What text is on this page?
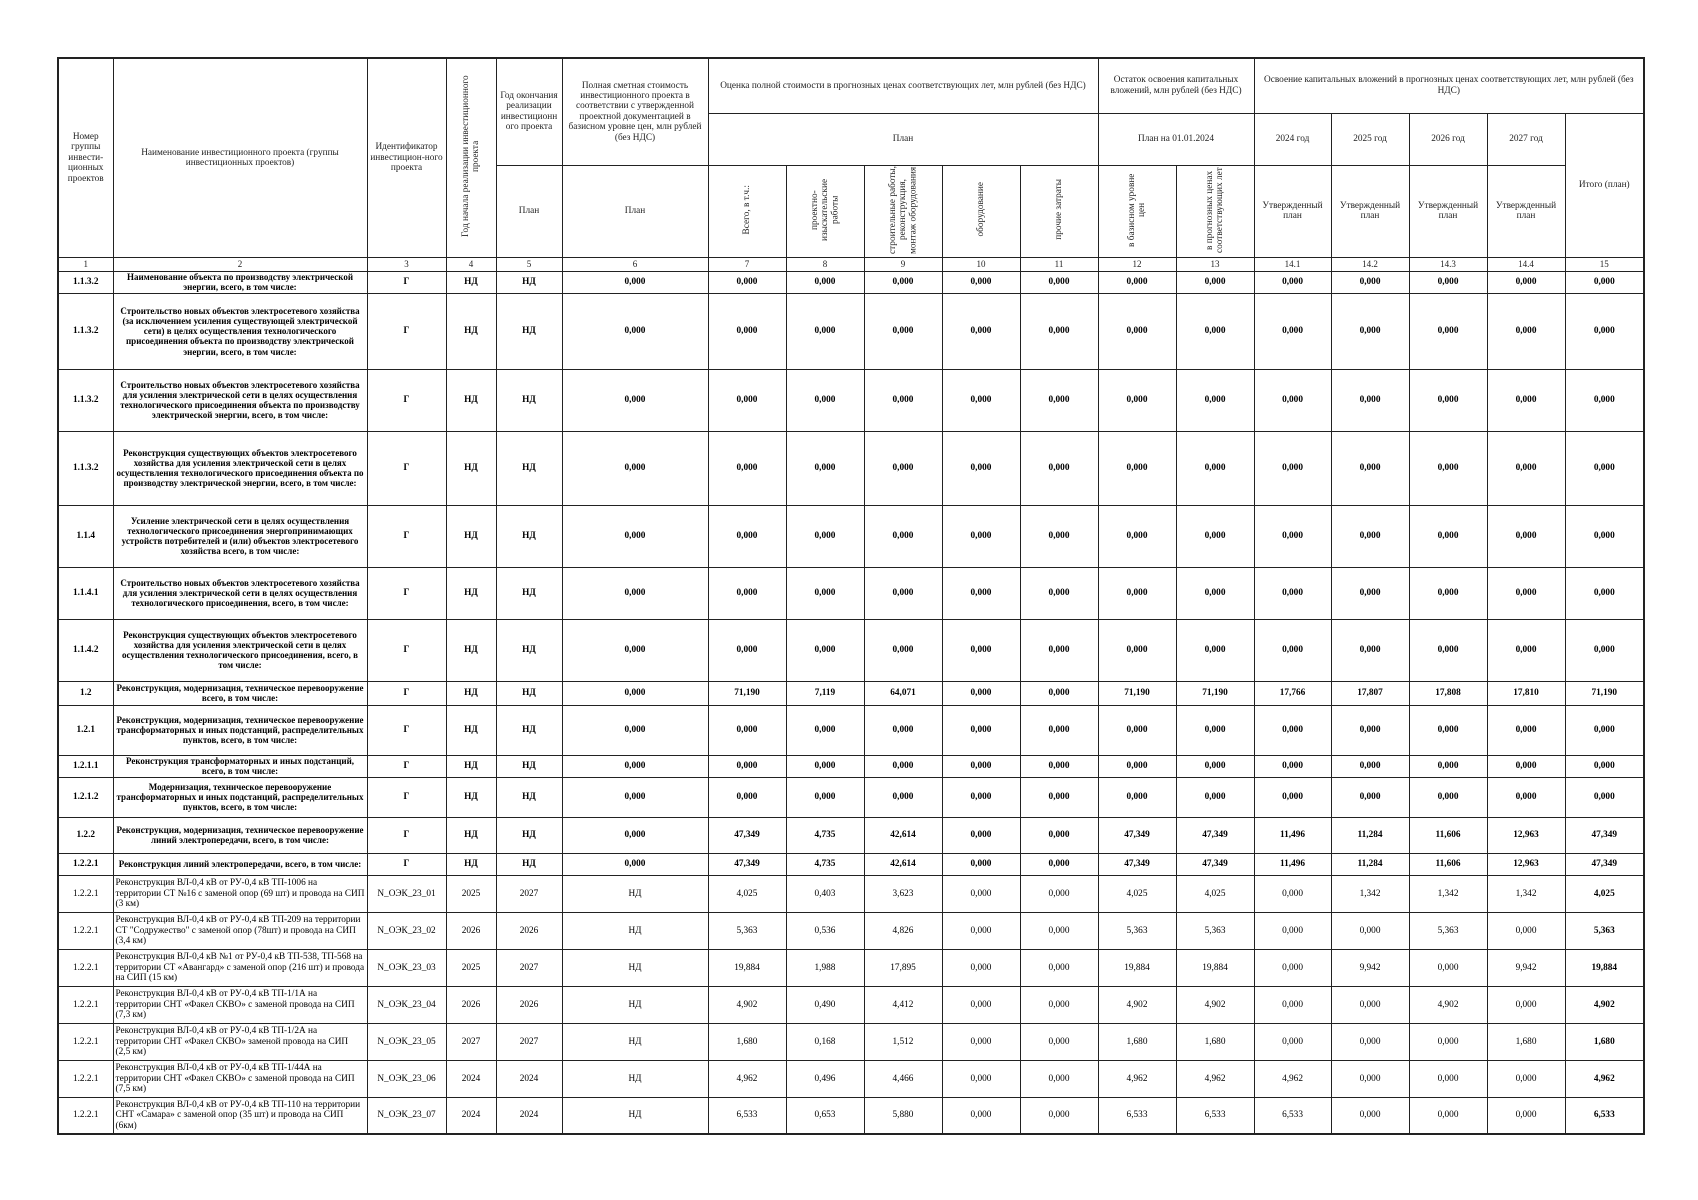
Номер группы инвести-ционных проектов	Наименование инвестиционного проекта (группы инвестиционных проектов)	Идентификатор инвестицион-ного проекта	Год начала реализации инвестиционного проекта	Год окончания реализации инвестиционн ого проекта	Полная сметная стоимость инвестиционного проекта в соответствии с утвержденной проектной документацией в базисном уровне цен, млн рублей (без НДС)	Оценка полной стоимости в прогнозных ценах соответствующих лет, млн рублей (без НДС)					Остаток освоения капитальных вложений, млн рублей (без НДС)		Освоение капитальных вложений в прогнозных ценах соответствующих лет, млн рублей (без НДС)				
						План					План на 01.01.2024		2024 год	2025 год	2026 год	2027 год	Итого (план)
				План	План	Всего, в т.ч.:	проектно-изыскательские работы	строительные работы, реконструкция, монтаж оборудования	оборудование	прочие затраты	в базисном уровне цен	в прогнозных ценах соответствующих лет	Утвержденный план	Утвержденный план	Утвержденный план	Утвержденный план	
1	2	3	4	5	6	7	8	9	10	11	12	13	14.1	14.2	14.3	14.4	15
1.1.3.2	Наименование объекта по производству электрической энергии, всего, в том числе:	Г	НД	НД	0,000	0,000	0,000	0,000	0,000	0,000	0,000	0,000	0,000	0,000	0,000	0,000	0,000
1.1.3.2	Строительство новых объектов электросетевого хозяйства (за исключением усиления существующей электрической сети) в целях осуществления технологического присоединения объекта по производству электрической энергии, всего, в том числе:	Г	НД	НД	0,000	0,000	0,000	0,000	0,000	0,000	0,000	0,000	0,000	0,000	0,000	0,000	0,000
1.1.3.2	Строительство новых объектов электросетевого хозяйства для усиления электрической сети в целях осуществления технологического присоединения объекта по производству электрической энергии, всего, в том числе:	Г	НД	НД	0,000	0,000	0,000	0,000	0,000	0,000	0,000	0,000	0,000	0,000	0,000	0,000	0,000
1.1.3.2	Реконструкция существующих объектов электросетевого хозяйства для усиления электрической сети в целях осуществления технологического присоединения объекта по производству электрической энергии, всего, в том числе:	Г	НД	НД	0,000	0,000	0,000	0,000	0,000	0,000	0,000	0,000	0,000	0,000	0,000	0,000	0,000
1.1.4	Усиление электрической сети в целях осуществления технологического присоединения энергопринимающих устройств потребителей и (или) объектов электросетевого хозяйства всего, в том числе:	Г	НД	НД	0,000	0,000	0,000	0,000	0,000	0,000	0,000	0,000	0,000	0,000	0,000	0,000	0,000
1.1.4.1	Строительство новых объектов электросетевого хозяйства для усиления электрической сети в целях осуществления технологического присоединения, всего, в том числе:	Г	НД	НД	0,000	0,000	0,000	0,000	0,000	0,000	0,000	0,000	0,000	0,000	0,000	0,000	0,000
1.1.4.2	Реконструкция существующих объектов электросетевого хозяйства для усиления электрической сети в целях осуществления технологического присоединения, всего, в том числе:	Г	НД	НД	0,000	0,000	0,000	0,000	0,000	0,000	0,000	0,000	0,000	0,000	0,000	0,000	0,000
1.2	Реконструкция, модернизация, техническое перевооружение всего, в том числе:	Г	НД	НД	0,000	71,190	7,119	64,071	0,000	0,000	71,190	71,190	17,766	17,807	17,808	17,810	71,190
1.2.1	Реконструкция, модернизация, техническое перевооружение трансформаторных и иных подстанций, распределительных пунктов, всего, в том числе:	Г	НД	НД	0,000	0,000	0,000	0,000	0,000	0,000	0,000	0,000	0,000	0,000	0,000	0,000	0,000
1.2.1.1	Реконструкция трансформаторных и иных подстанций, всего, в том числе:	Г	НД	НД	0,000	0,000	0,000	0,000	0,000	0,000	0,000	0,000	0,000	0,000	0,000	0,000	0,000
1.2.1.2	Модернизация, техническое перевооружение трансформаторных и иных подстанций, распределительных пунктов, всего, в том числе:	Г	НД	НД	0,000	0,000	0,000	0,000	0,000	0,000	0,000	0,000	0,000	0,000	0,000	0,000	0,000
1.2.2	Реконструкция, модернизация, техническое перевооружение линий электропередачи, всего, в том числе:	Г	НД	НД	0,000	47,349	4,735	42,614	0,000	0,000	47,349	47,349	11,496	11,284	11,606	12,963	47,349
1.2.2.1	Реконструкция линий электропередачи, всего, в том числе:	Г	НД	НД	0,000	47,349	4,735	42,614	0,000	0,000	47,349	47,349	11,496	11,284	11,606	12,963	47,349
1.2.2.1	Реконструкция ВЛ-0,4 кВ от РУ-0,4 кВ ТП-1006 на территории СТ №16 с заменой опор (69 шт) и провода на СИП (3 км)	N_ОЭК_23_01	2025	2027	НД	4,025	0,403	3,623	0,000	0,000	4,025	4,025	0,000	1,342	1,342	1,342	4,025
1.2.2.1	Реконструкция ВЛ-0,4 кВ от РУ-0,4 кВ ТП-209 на территории СТ "Содружество" с заменой опор (78шт) и провода на СИП (3,4 км)	N_ОЭК_23_02	2026	2026	НД	5,363	0,536	4,826	0,000	0,000	5,363	5,363	0,000	0,000	5,363	0,000	5,363
1.2.2.1	Реконструкция ВЛ-0,4 кВ №1 от РУ-0,4 кВ ТП-538, ТП-568 на территории СТ «Авангард» с заменой опор (216 шт) и провода на СИП (15 км)	N_ОЭК_23_03	2025	2027	НД	19,884	1,988	17,895	0,000	0,000	19,884	19,884	0,000	9,942	0,000	9,942	19,884
1.2.2.1	Реконструкция ВЛ-0,4 кВ от РУ-0,4 кВ ТП-1/1А на территории СНТ «Факел СКВО» с заменой провода на СИП (7,3 км)	N_ОЭК_23_04	2026	2026	НД	4,902	0,490	4,412	0,000	0,000	4,902	4,902	0,000	0,000	4,902	0,000	4,902
1.2.2.1	Реконструкция ВЛ-0,4 кВ от РУ-0,4 кВ ТП-1/2А на территории СНТ «Факел СКВО» заменой провода на СИП (2,5 км)	N_ОЭК_23_05	2027	2027	НД	1,680	0,168	1,512	0,000	0,000	1,680	1,680	0,000	0,000	0,000	1,680	1,680
1.2.2.1	Реконструкция ВЛ-0,4 кВ от РУ-0,4 кВ ТП-1/44А на территории СНТ «Факел СКВО» с заменой провода на СИП (7,5 км)	N_ОЭК_23_06	2024	2024	НД	4,962	0,496	4,466	0,000	0,000	4,962	4,962	4,962	0,000	0,000	0,000	4,962
1.2.2.1	Реконструкция ВЛ-0,4 кВ от РУ-0,4 кВ ТП-110 на территории СНТ «Самара» с заменой опор (35 шт) и провода на СИП (6км)	N_ОЭК_23_07	2024	2024	НД	6,533	0,653	5,880	0,000	0,000	6,533	6,533	6,533	0,000	0,000	0,000	6,533
